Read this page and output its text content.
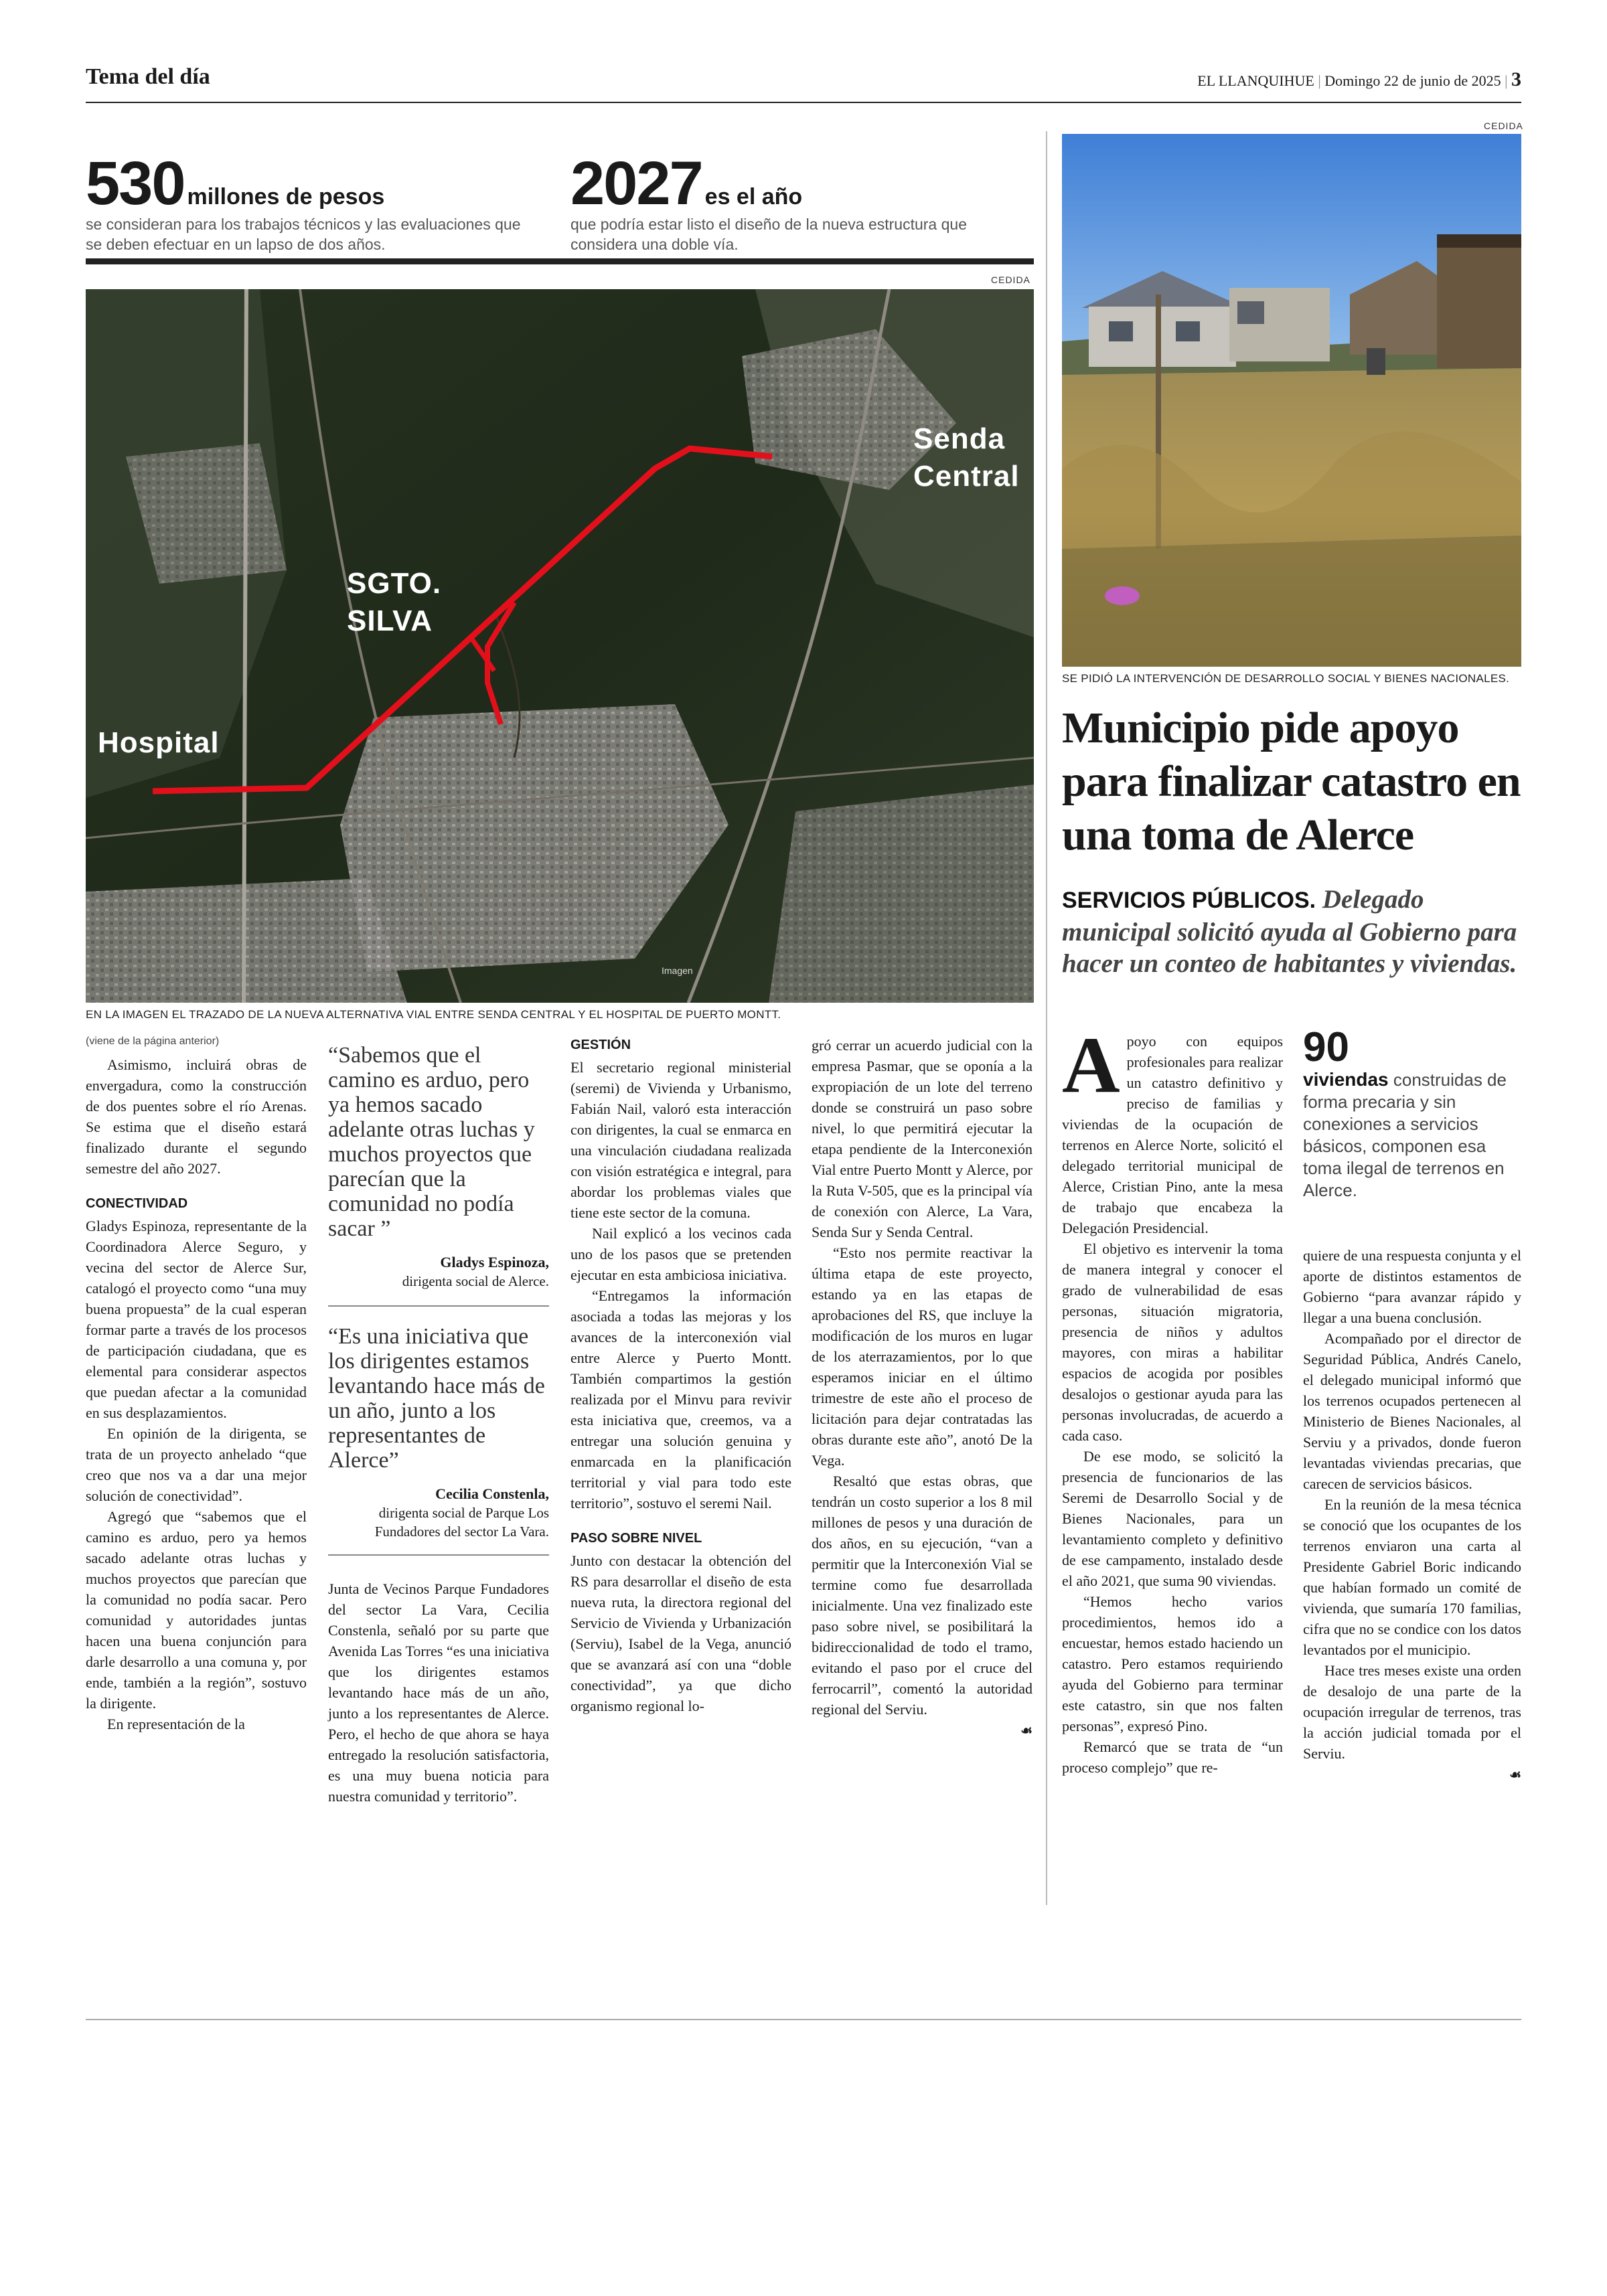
Tema del día	EL LLANQUIHUE | Domingo 22 de junio de 2025 | 3
530 millones de pesos
se consideran para los trabajos técnicos y las evaluaciones que se deben efectuar en un lapso de dos años.
2027 es el año
que podría estar listo el diseño de la nueva estructura que considera una doble vía.
CEDIDA
Senda Central
SGTO. SILVA
Hospital
Imagen
EN LA IMAGEN EL TRAZADO DE LA NUEVA ALTERNATIVA VIAL ENTRE SENDA CENTRAL Y EL HOSPITAL DE PUERTO MONTT.
(viene de la página anterior)

Asimismo, incluirá obras de envergadura, como la construcción de dos puentes sobre el río Arenas. Se estima que el diseño estará finalizado durante el segundo semestre del año 2027.

CONECTIVIDAD

Gladys Espinoza, representante de la Coordinadora Alerce Seguro, y vecina del sector de Alerce Sur, catalogó el proyecto como “una muy buena propuesta” de la cual esperan formar parte a través de los procesos de participación ciudadana, que es elemental para considerar aspectos que puedan afectar a la comunidad en sus desplazamientos.

En opinión de la dirigenta, se trata de un proyecto anhelado “que creo que nos va a dar una mejor solución de conectividad”.

Agregó que “sabemos que el camino es arduo, pero ya hemos sacado adelante otras luchas y muchos proyectos que parecían que la comunidad no podía sacar. Pero comunidad y autoridades juntas hacen una buena conjunción para darle desarrollo a una comuna y, por ende, también a la región”, sostuvo la dirigente.

En representación de la

“Sabemos que el camino es arduo, pero ya hemos sacado adelante otras luchas y muchos proyectos que parecían que la comunidad no podía sacar ”

Gladys Espinoza,
dirigenta social de Alerce.

“Es una iniciativa que los dirigentes estamos levantando hace más de un año, junto a los representantes de Alerce”

Cecilia Constenla,
dirigenta social de Parque Los Fundadores del sector La Vara.

Junta de Vecinos Parque Fundadores del sector La Vara, Cecilia Constenla, señaló por su parte que Avenida Las Torres “es una iniciativa que los dirigentes estamos levantando hace más de un año, junto a los representantes de Alerce. Pero, el hecho de que ahora se haya entregado la resolución satisfactoria, es una muy buena noticia para nuestra comunidad y territorio”.

GESTIÓN

El secretario regional ministerial (seremi) de Vivienda y Urbanismo, Fabián Nail, valoró esta interacción con dirigentes, la cual se enmarca en una vinculación ciudadana realizada con visión estratégica e integral, para abordar los problemas viales que tiene este sector de la comuna.

Nail explicó a los vecinos cada uno de los pasos que se pretenden ejecutar en esta ambiciosa iniciativa.

“Entregamos la información asociada a todas las mejoras y los avances de la interconexión vial entre Alerce y Puerto Montt. También compartimos la gestión realizada por el Minvu para revivir esta iniciativa que, creemos, va a entregar una solución genuina y enmarcada en la planificación territorial y vial para todo este territorio”, sostuvo el seremi Nail.

PASO SOBRE NIVEL

Junto con destacar la obtención del RS para desarrollar el diseño de esta nueva ruta, la directora regional del Servicio de Vivienda y Urbanización (Serviu), Isabel de la Vega, anunció que se avanzará así con una “doble conectividad”, ya que dicho organismo regional lo-

gró cerrar un acuerdo judicial con la empresa Pasmar, que se oponía a la expropiación de un lote del terreno donde se construirá un paso sobre nivel, lo que permitirá ejecutar la etapa pendiente de la Interconexión Vial entre Puerto Montt y Alerce, por la Ruta V-505, que es la principal vía de conexión con Alerce, La Vara, Senda Sur y Senda Central.

“Esto nos permite reactivar la última etapa de este proyecto, estando ya en las etapas de aprobaciones del RS, que incluye la modificación de los muros en lugar de los aterrazamientos, por lo que esperamos iniciar en el último trimestre de este año el proceso de licitación para dejar contratadas las obras durante este año”, anotó De la Vega.

Resaltó que estas obras, que tendrán un costo superior a los 8 mil millones de pesos y una duración de dos años, en su ejecución, “van a permitir que la Interconexión Vial se termine como fue desarrollada inicialmente. Una vez finalizado este paso sobre nivel, se posibilitará la bidireccionalidad de todo el tramo, evitando el paso por el cruce del ferrocarril”, comentó la autoridad regional del Serviu.

☙
CEDIDA
SE PIDIÓ LA INTERVENCIÓN DE DESARROLLO SOCIAL Y BIENES NACIONALES.
Municipio pide apoyo para finalizar catastro en una toma de Alerce
SERVICIOS PÚBLICOS. Delegado municipal solicitó ayuda al Gobierno para hacer un conteo de habitantes y viviendas.
A poyo con equipos profesionales para realizar un catastro definitivo y preciso de familias y viviendas de la ocupación de terrenos en Alerce Norte, solicitó el delegado territorial municipal de Alerce, Cristian Pino, ante la mesa de trabajo que encabeza la Delegación Presidencial.

El objetivo es intervenir la toma de manera integral y conocer el grado de vulnerabilidad de esas personas, situación migratoria, presencia de niños y adultos mayores, con miras a habilitar espacios de acogida por posibles desalojos o gestionar ayuda para las personas involucradas, de acuerdo a cada caso.

De ese modo, se solicitó la presencia de funcionarios de las Seremi de Desarrollo Social y de Bienes Nacionales, para un levantamiento completo y definitivo de ese campamento, instalado desde el año 2021, que suma 90 viviendas.

“Hemos hecho varios procedimientos, hemos ido a encuestar, hemos estado haciendo un catastro. Pero estamos requiriendo ayuda del Gobierno para terminar este catastro, sin que nos falten personas”, expresó Pino.

Remarcó que se trata de “un proceso complejo” que re-

90
viviendas construidas de forma precaria y sin conexiones a servicios básicos, componen esa toma ilegal de terrenos en Alerce.

quiere de una respuesta conjunta y el aporte de distintos estamentos de Gobierno “para avanzar rápido y llegar a una buena conclusión.

Acompañado por el director de Seguridad Pública, Andrés Canelo, el delegado municipal informó que los terrenos ocupados pertenecen al Ministerio de Bienes Nacionales, al Serviu y a privados, donde fueron levantadas viviendas precarias, que carecen de servicios básicos.

En la reunión de la mesa técnica se conoció que los ocupantes de los terrenos enviaron una carta al Presidente Gabriel Boric indicando que habían formado un comité de vivienda, que sumaría 170 familias, cifra que no se condice con los datos levantados por el municipio.

Hace tres meses existe una orden de desalojo de una parte de la ocupación irregular de terrenos, tras la acción judicial tomada por el Serviu.

☙
